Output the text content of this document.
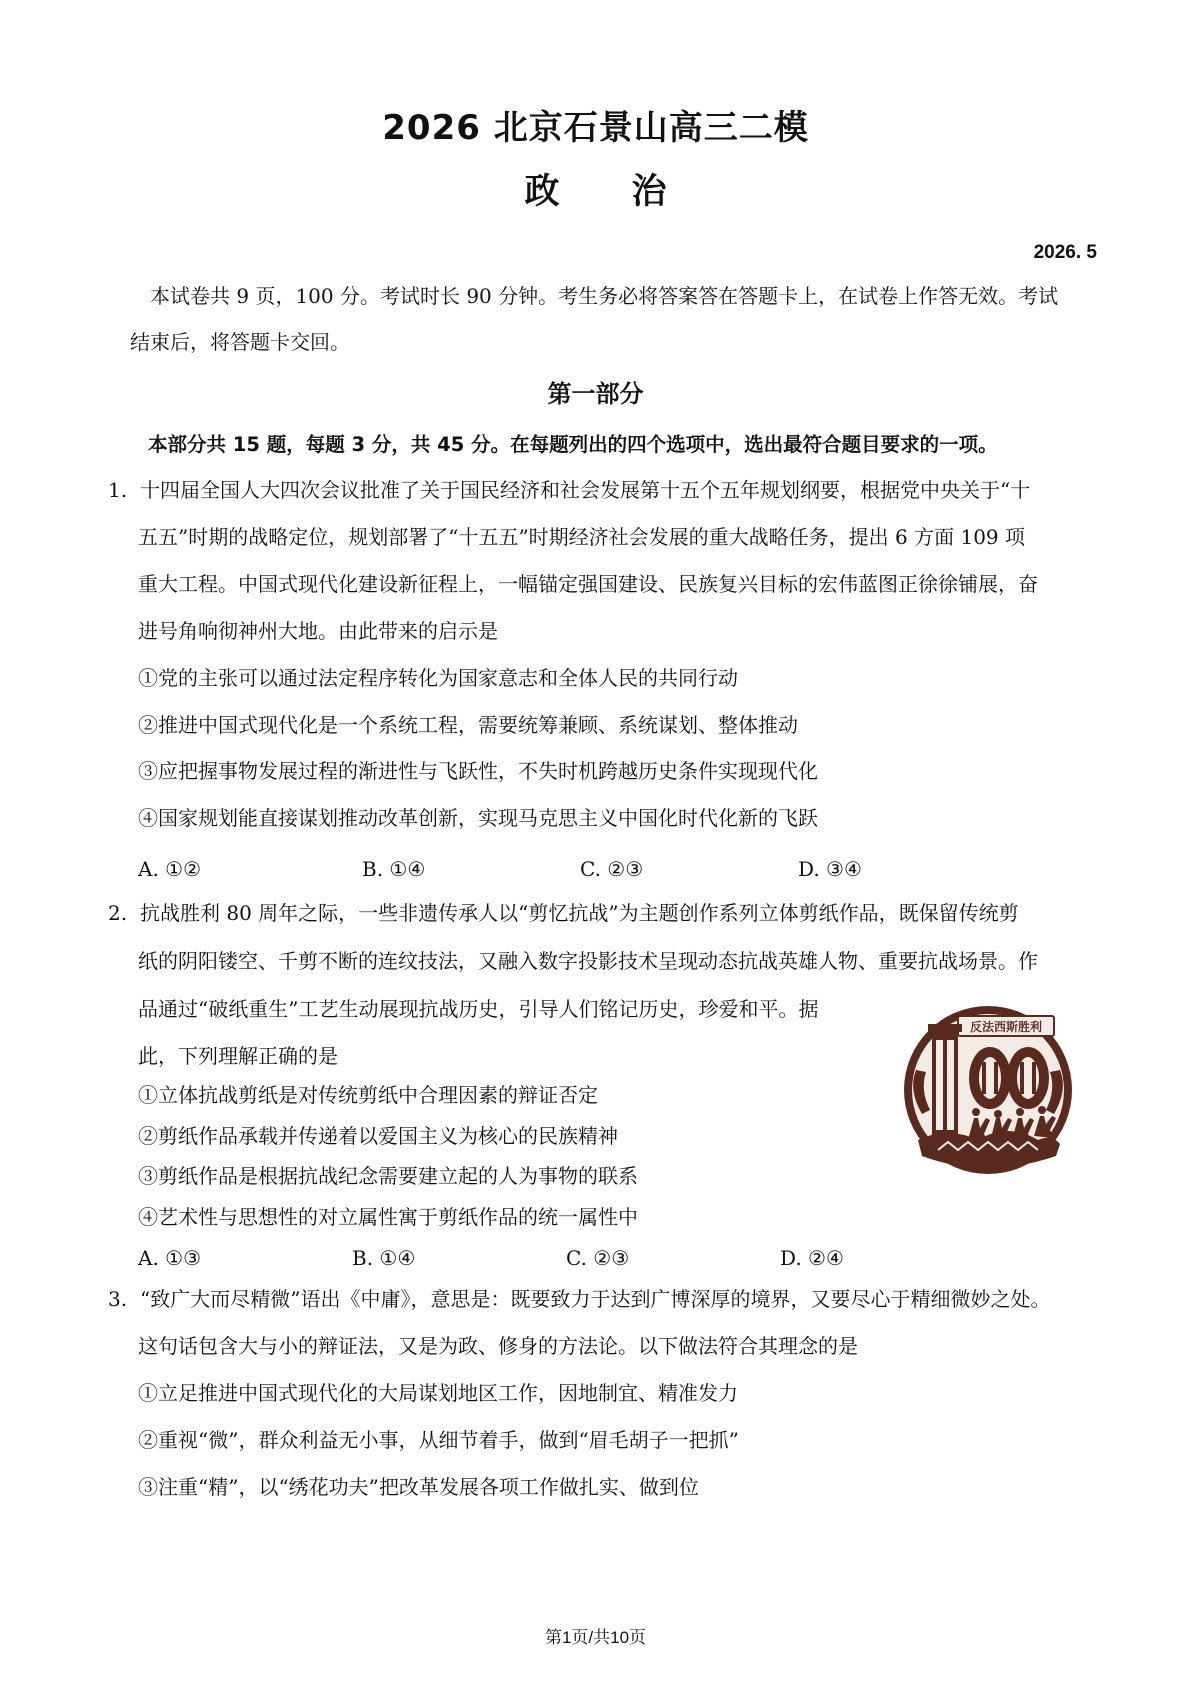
2026 北京石景山高三二模
政 治
2026. 5
本试卷共 9 页，100 分。考试时长 90 分钟。考生务必将答案答在答题卡上，在试卷上作答无效。考试
结束后，将答题卡交回。
第一部分
本部分共 15 题，每题 3 分，共 45 分。在每题列出的四个选项中，选出最符合题目要求的一项。
1. 十四届全国人大四次会议批准了关于国民经济和社会发展第十五个五年规划纲要，根据党中央关于“十
五五”时期的战略定位，规划部署了“十五五”时期经济社会发展的重大战略任务，提出 6 方面 109 项
重大工程。中国式现代化建设新征程上，一幅锚定强国建设、民族复兴目标的宏伟蓝图正徐徐铺展，奋
进号角响彻神州大地。由此带来的启示是
①党的主张可以通过法定程序转化为国家意志和全体人民的共同行动
②推进中国式现代化是一个系统工程，需要统筹兼顾、系统谋划、整体推动
③应把握事物发展过程的渐进性与飞跃性，不失时机跨越历史条件实现现代化
④国家规划能直接谋划推动改革创新，实现马克思主义中国化时代化新的飞跃
A. ①②	B. ①④	C. ②③	D. ③④
2. 抗战胜利 80 周年之际，一些非遗传承人以“剪忆抗战”为主题创作系列立体剪纸作品，既保留传统剪
纸的阴阳镂空、千剪不断的连纹技法，又融入数字投影技术呈现动态抗战英雄人物、重要抗战场景。作
品通过“破纸重生”工艺生动展现抗战历史，引导人们铭记历史，珍爱和平。据
此，下列理解正确的是
①立体抗战剪纸是对传统剪纸中合理因素的辩证否定
②剪纸作品承载并传递着以爱国主义为核心的民族精神
③剪纸作品是根据抗战纪念需要建立起的人为事物的联系
④艺术性与思想性的对立属性寓于剪纸作品的统一属性中
A. ①③	B. ①④	C. ②③	D. ②④
反法西斯胜利
3. “致广大而尽精微”语出《中庸》，意思是：既要致力于达到广博深厚的境界，又要尽心于精细微妙之处。
这句话包含大与小的辩证法，又是为政、修身的方法论。以下做法符合其理念的是
①立足推进中国式现代化的大局谋划地区工作，因地制宜、精准发力
②重视“微”，群众利益无小事，从细节着手，做到“眉毛胡子一把抓”
③注重“精”，以“绣花功夫”把改革发展各项工作做扎实、做到位
第1页/共10页
